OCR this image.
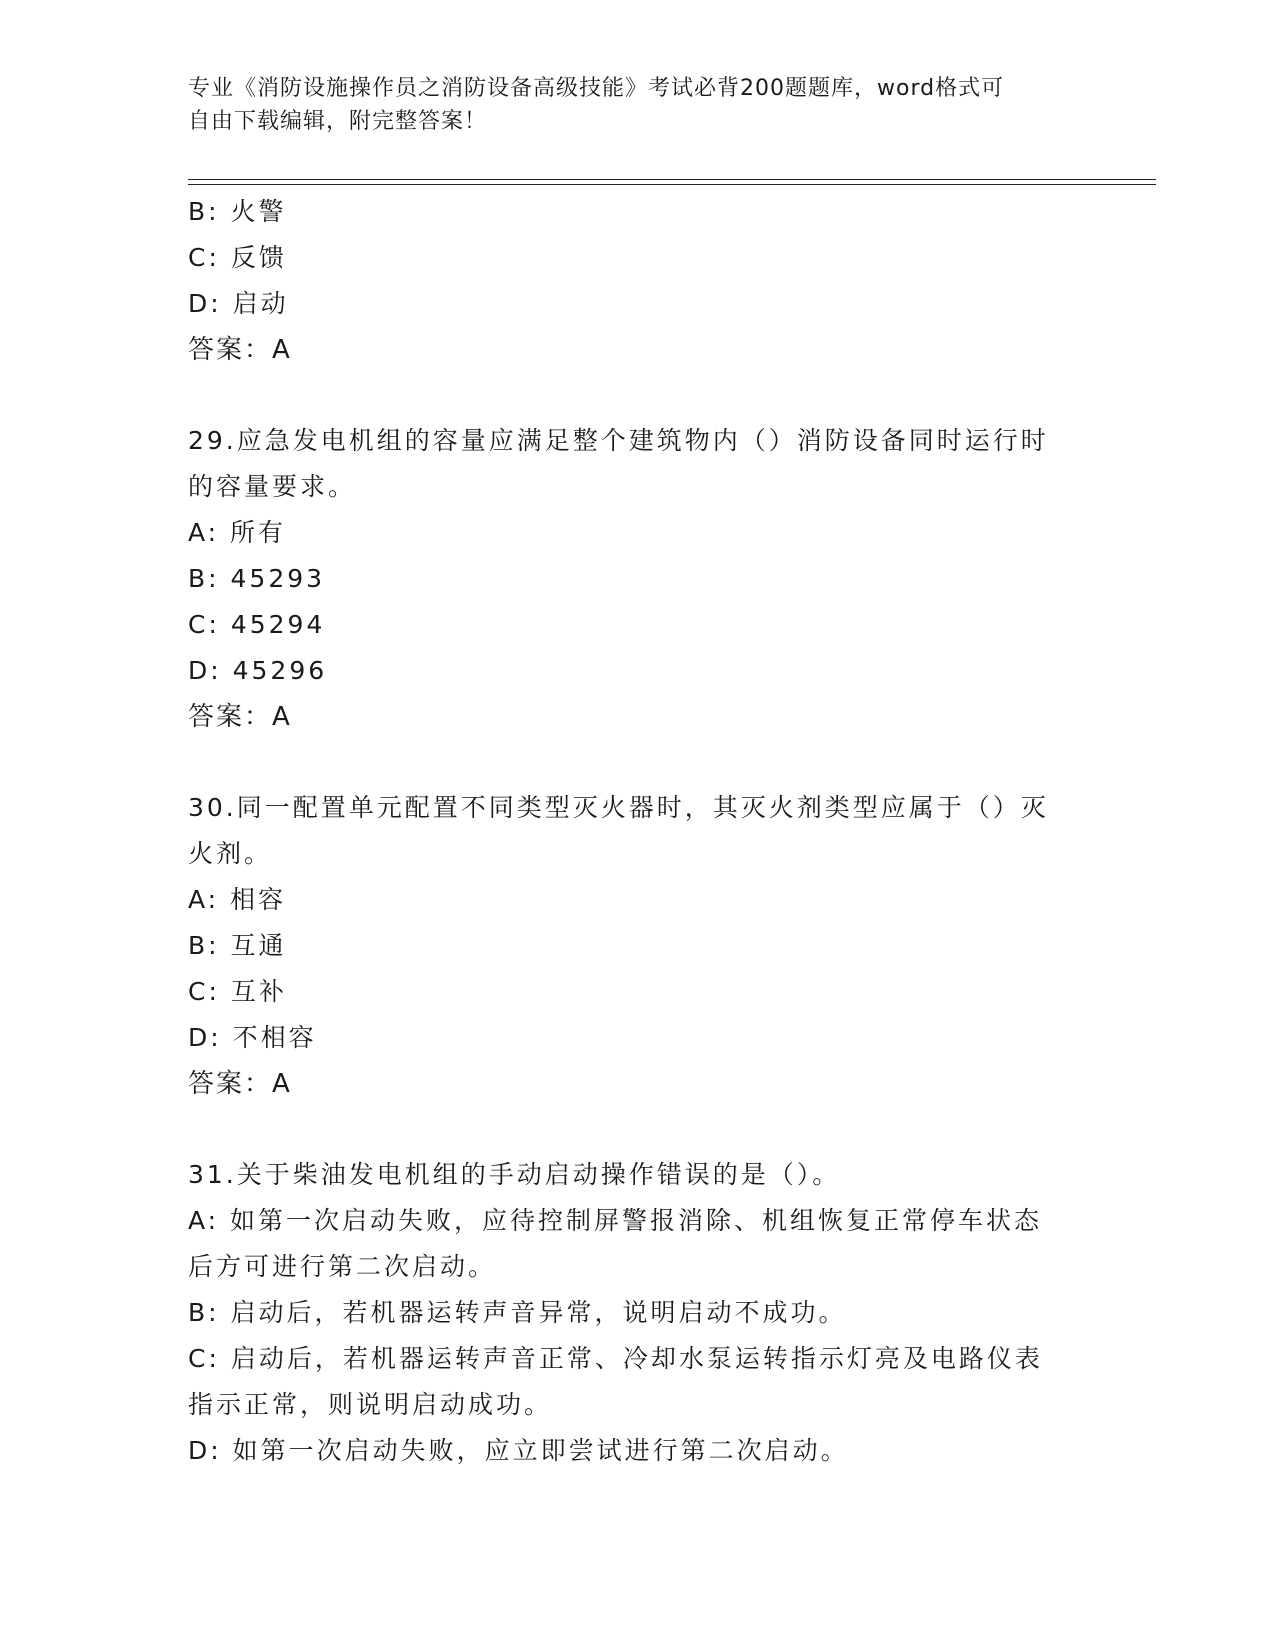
专业《消防设施操作员之消防设备高级技能》考试必背200题题库，word格式可
自由下载编辑，附完整答案！
B: 火警
C: 反馈
D: 启动
答案：A
29.应急发电机组的容量应满足整个建筑物内（）消防设备同时运行时
的容量要求。
A: 所有
B: 45293
C: 45294
D: 45296
答案：A
30.同一配置单元配置不同类型灭火器时，其灭火剂类型应属于（）灭
火剂。
A: 相容
B: 互通
C: 互补
D: 不相容
答案：A
31.关于柴油发电机组的手动启动操作错误的是（）。
A: 如第一次启动失败，应待控制屏警报消除、机组恢复正常停车状态
后方可进行第二次启动。
B: 启动后，若机器运转声音异常，说明启动不成功。
C: 启动后，若机器运转声音正常、冷却水泵运转指示灯亮及电路仪表
指示正常，则说明启动成功。
D: 如第一次启动失败，应立即尝试进行第二次启动。
